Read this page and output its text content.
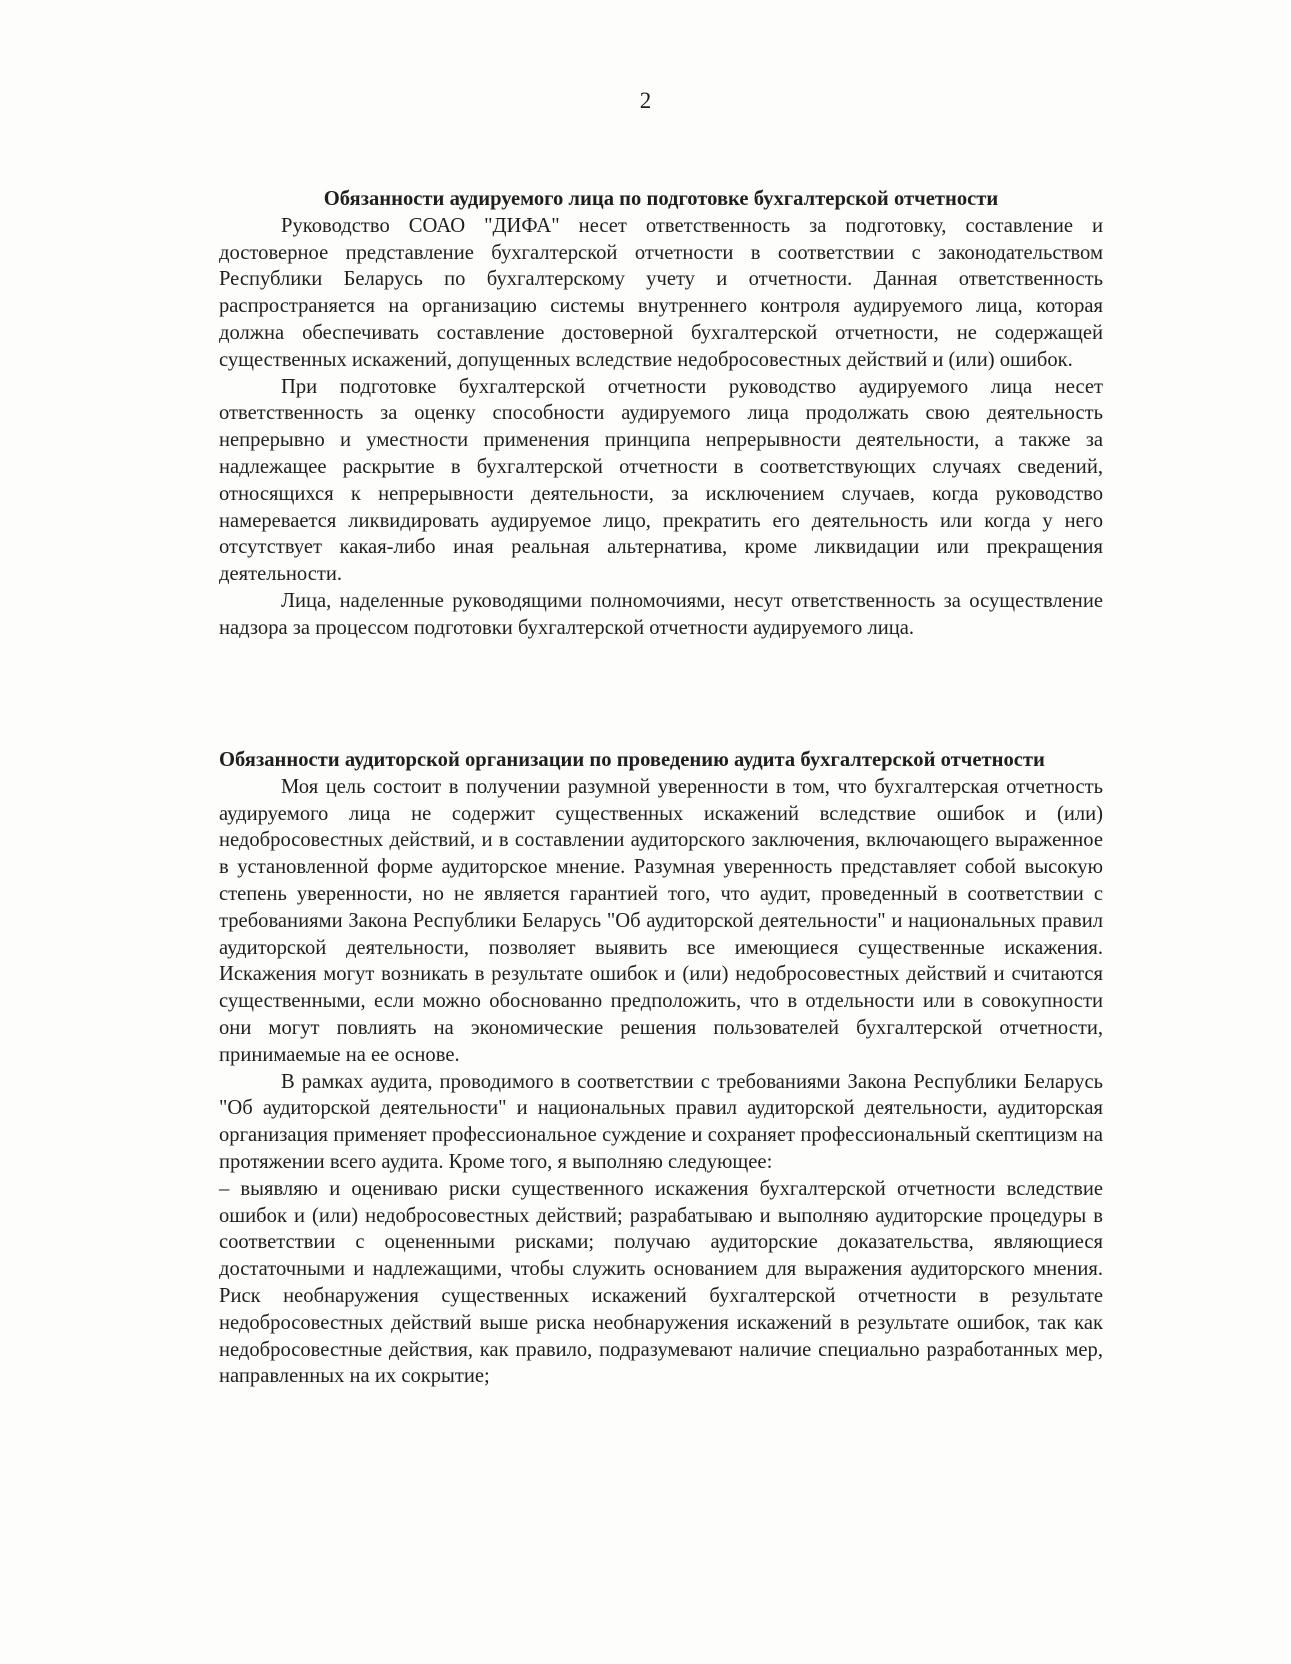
2
Обязанности аудируемого лица по подготовке бухгалтерской отчетности

Руководство СОАО "ДИФА" несет ответственность за подготовку, составление и достоверное представление бухгалтерской отчетности в соответствии с законодательством Республики Беларусь по бухгалтерскому учету и отчетности. Данная ответственность распространяется на организацию системы внутреннего контроля аудируемого лица, которая должна обеспечивать составление достоверной бухгалтерской отчетности, не содержащей существенных искажений, допущенных вследствие недобросовестных действий и (или) ошибок.

При подготовке бухгалтерской отчетности руководство аудируемого лица несет ответственность за оценку способности аудируемого лица продолжать свою деятельность непрерывно и уместности применения принципа непрерывности деятельности, а также за надлежащее раскрытие в бухгалтерской отчетности в соответствующих случаях сведений, относящихся к непрерывности деятельности, за исключением случаев, когда руководство намеревается ликвидировать аудируемое лицо, прекратить его деятельность или когда у него отсутствует какая-либо иная реальная альтернатива, кроме ликвидации или прекращения деятельности.

Лица, наделенные руководящими полномочиями, несут ответственность за осуществление надзора за процессом подготовки бухгалтерской отчетности аудируемого лица.

Обязанности аудиторской организации по проведению аудита бухгалтерской отчетности

Моя цель состоит в получении разумной уверенности в том, что бухгалтерская отчетность аудируемого лица не содержит существенных искажений вследствие ошибок и (или) недобросовестных действий, и в составлении аудиторского заключения, включающего выраженное в установленной форме аудиторское мнение. Разумная уверенность представляет собой высокую степень уверенности, но не является гарантией того, что аудит, проведенный в соответствии с требованиями Закона Республики Беларусь "Об аудиторской деятельности" и национальных правил аудиторской деятельности, позволяет выявить все имеющиеся существенные искажения. Искажения могут возникать в результате ошибок и (или) недобросовестных действий и считаются существенными, если можно обоснованно предположить, что в отдельности или в совокупности они могут повлиять на экономические решения пользователей бухгалтерской отчетности, принимаемые на ее основе.

В рамках аудита, проводимого в соответствии с требованиями Закона Республики Беларусь "Об аудиторской деятельности" и национальных правил аудиторской деятельности, аудиторская организация применяет профессиональное суждение и сохраняет профессиональный скептицизм на протяжении всего аудита. Кроме того, я выполняю следующее:

– выявляю и оцениваю риски существенного искажения бухгалтерской отчетности вследствие ошибок и (или) недобросовестных действий; разрабатываю и выполняю аудиторские процедуры в соответствии с оцененными рисками; получаю аудиторские доказательства, являющиеся достаточными и надлежащими, чтобы служить основанием для выражения аудиторского мнения. Риск необнаружения существенных искажений бухгалтерской отчетности в результате недобросовестных действий выше риска необнаружения искажений в результате ошибок, так как недобросовестные действия, как правило, подразумевают наличие специально разработанных мер, направленных на их сокрытие;
